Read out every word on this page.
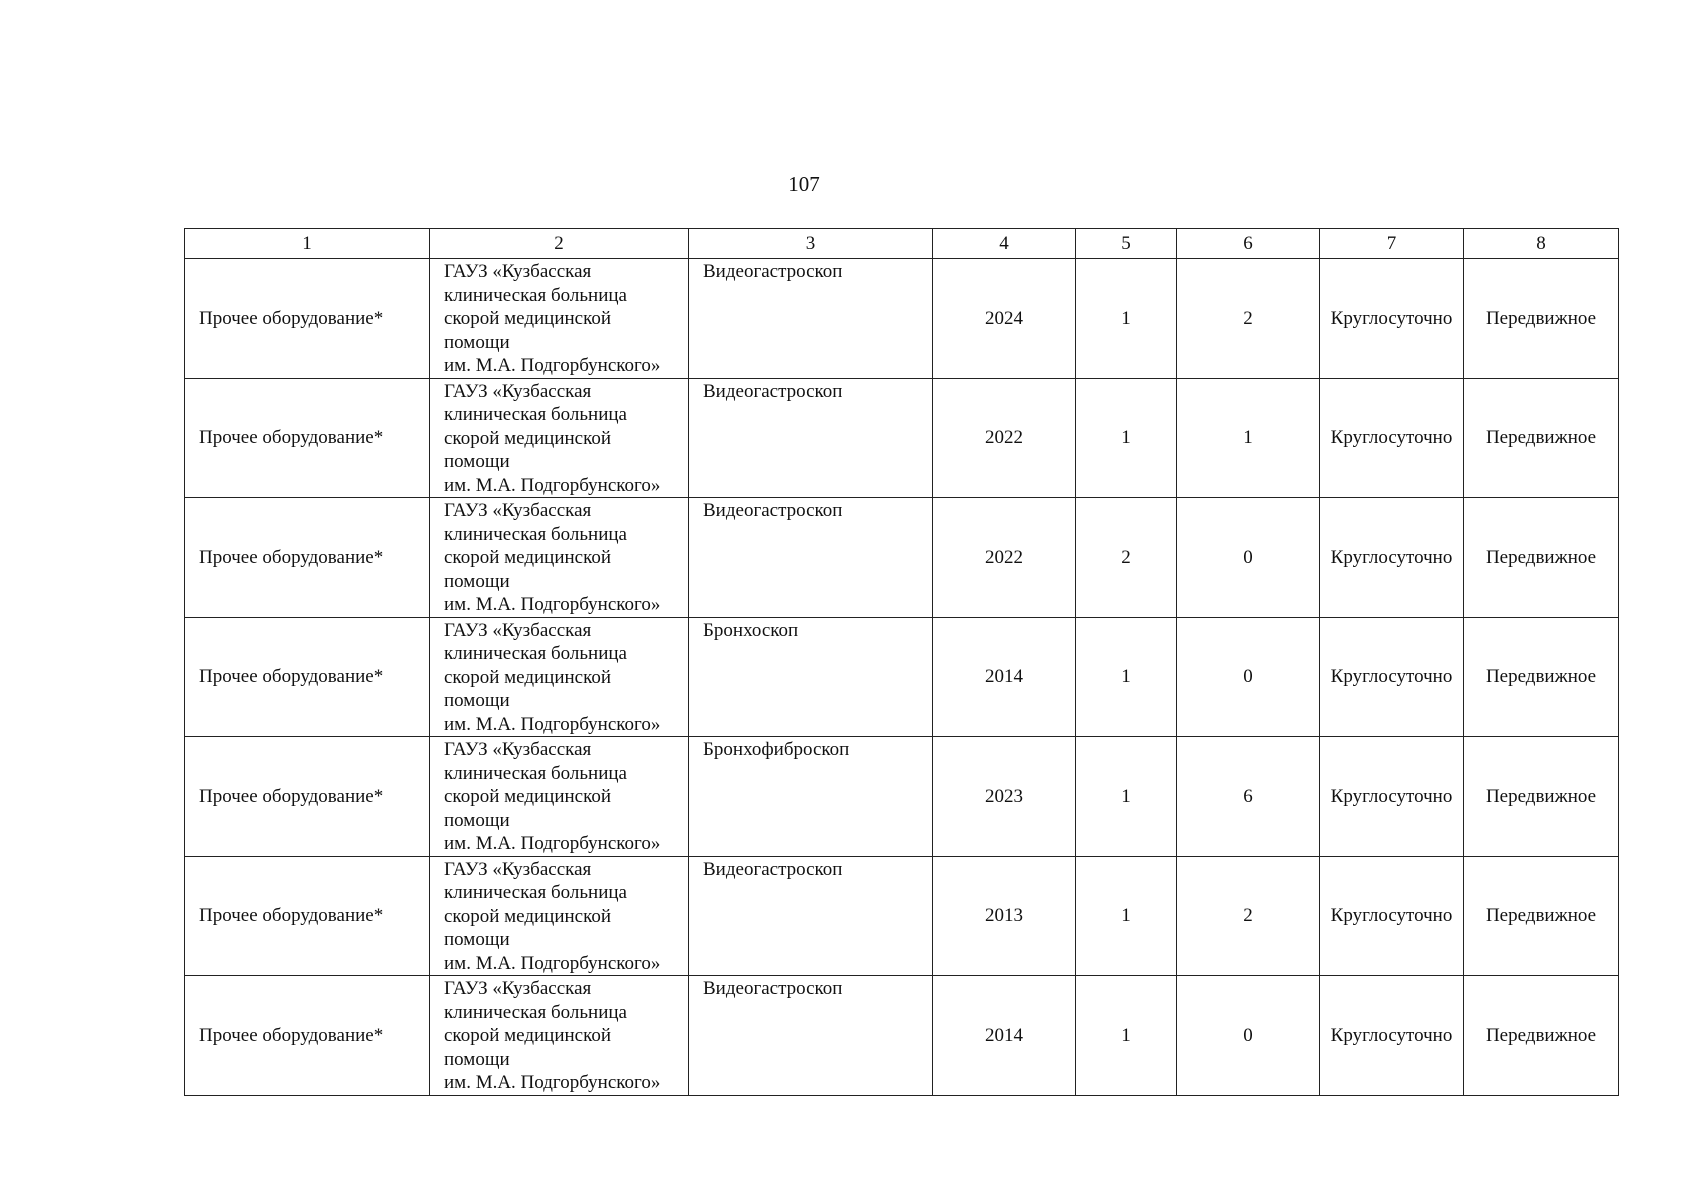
107
1	2	3	4	5	6	7	8
Прочее оборудование*	ГАУЗ «Кузбасская
клиническая больница
скорой медицинской
помощи
им. М.А. Подгорбунского»	Видеогастроскоп	2024	1	2	Круглосуточно	Передвижное
Прочее оборудование*	ГАУЗ «Кузбасская
клиническая больница
скорой медицинской
помощи
им. М.А. Подгорбунского»	Видеогастроскоп	2022	1	1	Круглосуточно	Передвижное
Прочее оборудование*	ГАУЗ «Кузбасская
клиническая больница
скорой медицинской
помощи
им. М.А. Подгорбунского»	Видеогастроскоп	2022	2	0	Круглосуточно	Передвижное
Прочее оборудование*	ГАУЗ «Кузбасская
клиническая больница
скорой медицинской
помощи
им. М.А. Подгорбунского»	Бронхоскоп	2014	1	0	Круглосуточно	Передвижное
Прочее оборудование*	ГАУЗ «Кузбасская
клиническая больница
скорой медицинской
помощи
им. М.А. Подгорбунского»	Бронхофиброскоп	2023	1	6	Круглосуточно	Передвижное
Прочее оборудование*	ГАУЗ «Кузбасская
клиническая больница
скорой медицинской
помощи
им. М.А. Подгорбунского»	Видеогастроскоп	2013	1	2	Круглосуточно	Передвижное
Прочее оборудование*	ГАУЗ «Кузбасская
клиническая больница
скорой медицинской
помощи
им. М.А. Подгорбунского»	Видеогастроскоп	2014	1	0	Круглосуточно	Передвижное
